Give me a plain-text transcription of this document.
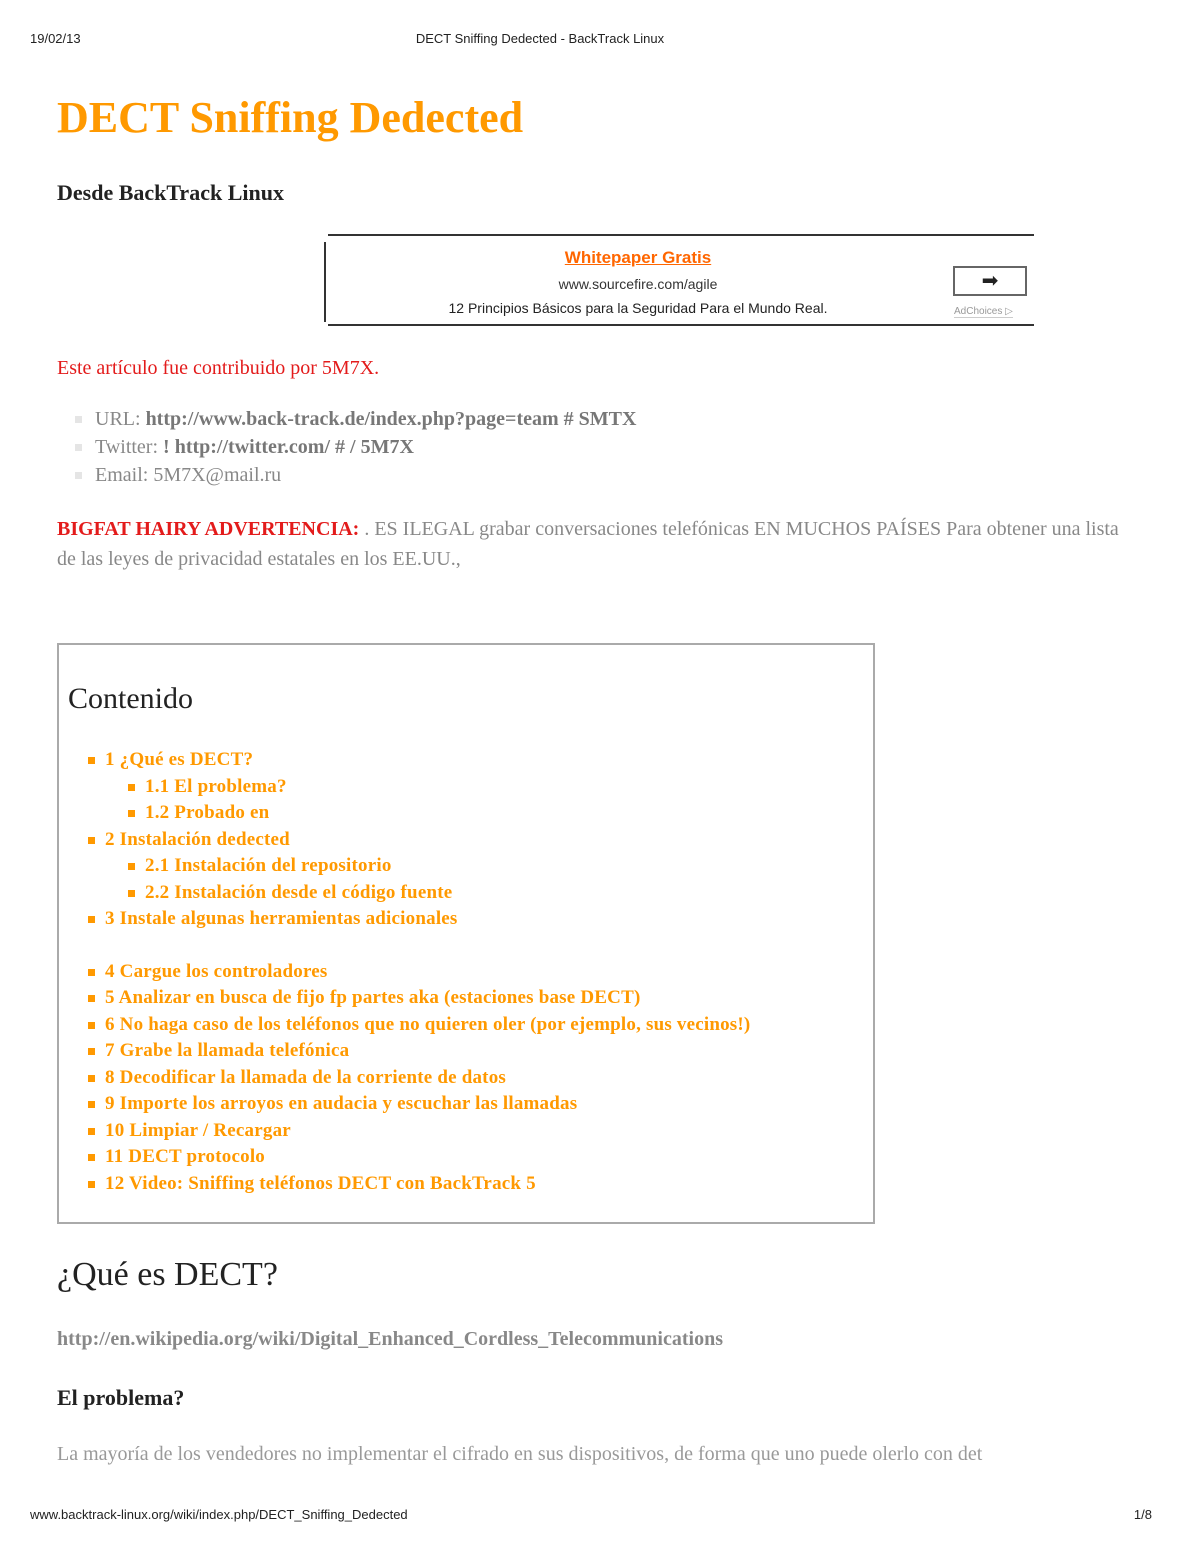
19/02/13	DECT Sniffing Dedected - BackTrack Linux
DECT Sniffing Dedected
Desde BackTrack Linux
Whitepaper Gratis
www.sourcefire.com/agile
12 Principios Básicos para la Seguridad Para el Mundo Real.
➡
AdChoices ▷

Este artículo fue contribuido por 5M7X.

URL: http://www.back-track.de/index.php?page=team # SMTX
Twitter: ! http://twitter.com/ # / 5M7X
Email: 5M7X@mail.ru

BIGFAT HAIRY ADVERTENCIA: . ES ILEGAL grabar conversaciones telefónicas EN MUCHOS PAÍSES Para obtener una lista de las leyes de privacidad estatales en los EE.UU.,

Contenido
1 ¿Qué es DECT?
1.1 El problema?
1.2 Probado en
2 Instalación dedected
2.1 Instalación del repositorio
2.2 Instalación desde el código fuente
3 Instale algunas herramientas adicionales
4 Cargue los controladores
5 Analizar en busca de fijo fp partes aka (estaciones base DECT)
6 No haga caso de los teléfonos que no quieren oler (por ejemplo, sus vecinos!)
7 Grabe la llamada telefónica
8 Decodificar la llamada de la corriente de datos
9 Importe los arroyos en audacia y escuchar las llamadas
10 Limpiar / Recargar
11 DECT protocolo
12 Video: Sniffing teléfonos DECT con BackTrack 5
¿Qué es DECT?

http://en.wikipedia.org/wiki/Digital_Enhanced_Cordless_Telecommunications

El problema?

La mayoría de los vendedores no implementar el cifrado en sus dispositivos, de forma que uno puede olerlo con det

www.backtrack-linux.org/wiki/index.php/DECT_Sniffing_Dedected	1/8
